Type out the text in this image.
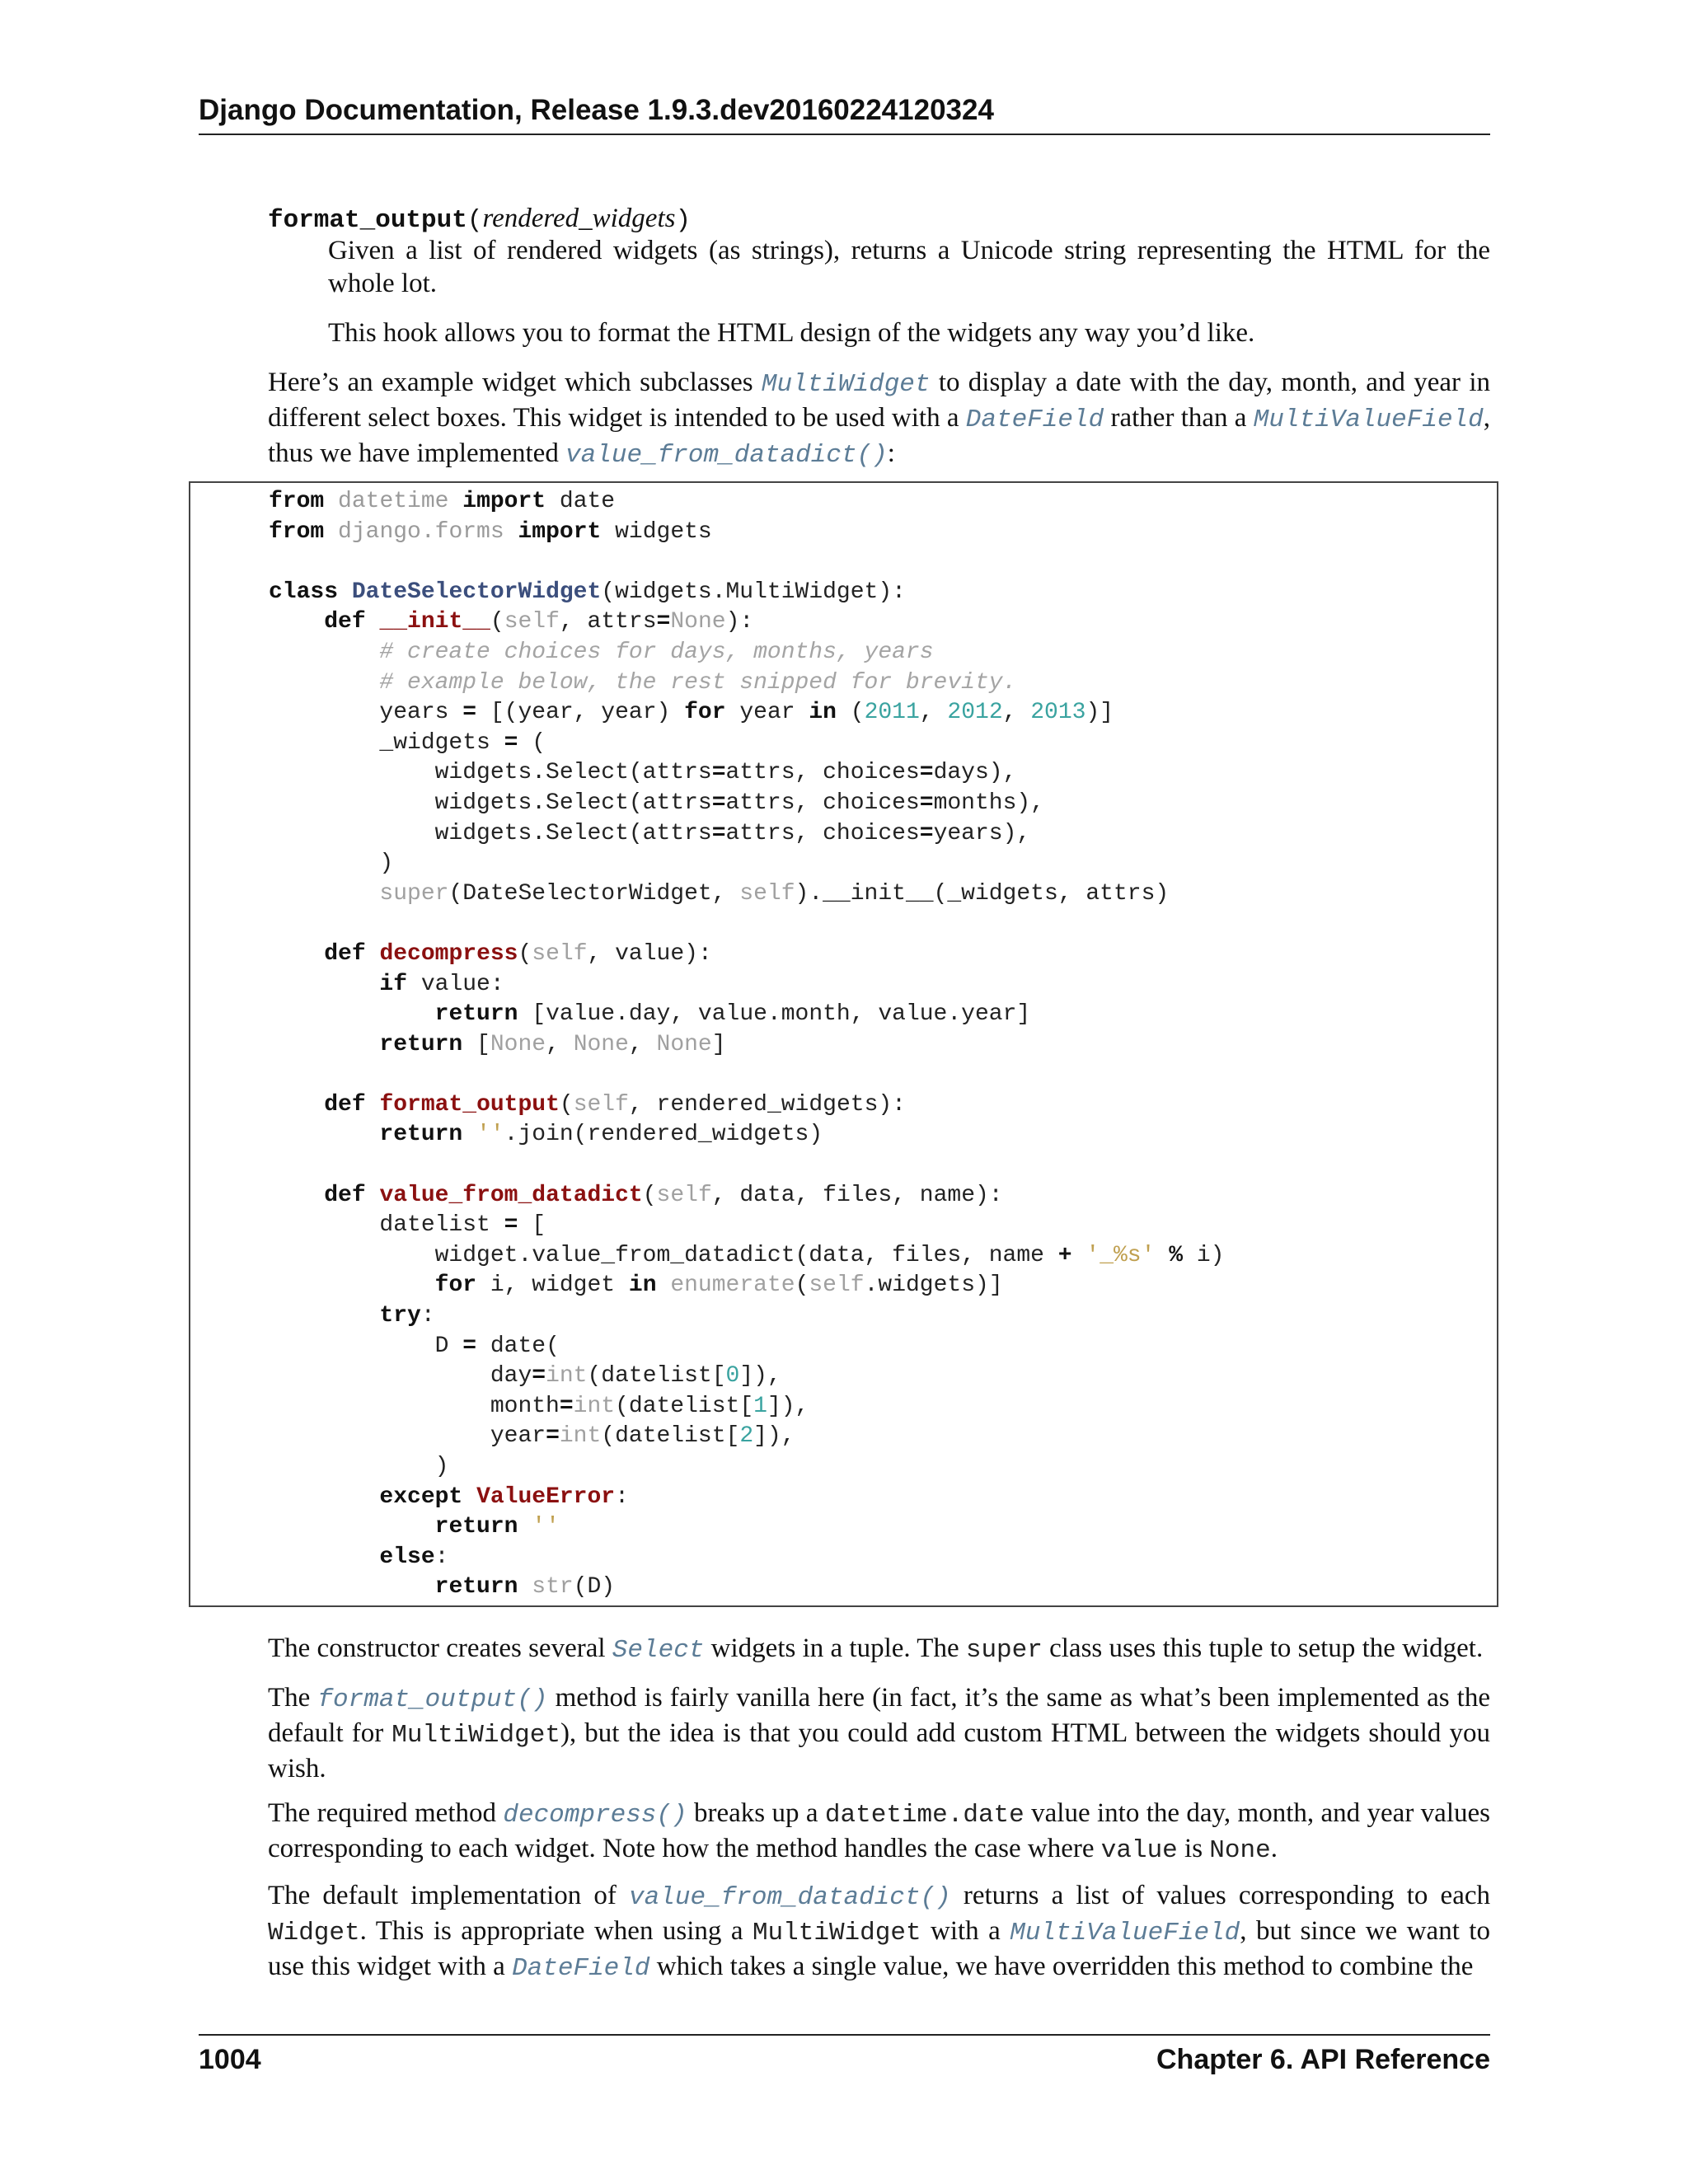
Django Documentation, Release 1.9.3.dev20160224120324

format_output(rendered_widgets)

Given a list of rendered widgets (as strings), returns a Unicode string representing the HTML for the whole lot.

This hook allows you to format the HTML design of the widgets any way you’d like.

Here’s an example widget which subclasses MultiWidget to display a date with the day, month, and year in different select boxes. This widget is intended to be used with a DateField rather than a MultiValueField, thus we have implemented value_from_datadict():

from datetime import date
from django.forms import widgets

class DateSelectorWidget(widgets.MultiWidget):
def __init__(self, attrs=None):
# create choices for days, months, years
# example below, the rest snipped for brevity.
years = [(year, year) for year in (2011, 2012, 2013)]
_widgets = (
widgets.Select(attrs=attrs, choices=days),
widgets.Select(attrs=attrs, choices=months),
widgets.Select(attrs=attrs, choices=years),
)
super(DateSelectorWidget, self).__init__(_widgets, attrs)

def decompress(self, value):
if value:
return [value.day, value.month, value.year]
return [None, None, None]

def format_output(self, rendered_widgets):
return ''.join(rendered_widgets)

def value_from_datadict(self, data, files, name):
datelist = [
widget.value_from_datadict(data, files, name + '_%s' % i)
for i, widget in enumerate(self.widgets)]
try:
D = date(
day=int(datelist[0]),
month=int(datelist[1]),
year=int(datelist[2]),
)
except ValueError:
return ''
else:
return str(D)

The constructor creates several Select widgets in a tuple. The super class uses this tuple to setup the widget.

The format_output() method is fairly vanilla here (in fact, it’s the same as what’s been implemented as the default for MultiWidget), but the idea is that you could add custom HTML between the widgets should you wish.

The required method decompress() breaks up a datetime.date value into the day, month, and year values corresponding to each widget. Note how the method handles the case where value is None.

The default implementation of value_from_datadict() returns a list of values corresponding to each Widget. This is appropriate when using a MultiWidget with a MultiValueField, but since we want to use this widget with a DateField which takes a single value, we have overridden this method to combine the

1004	Chapter 6. API Reference
